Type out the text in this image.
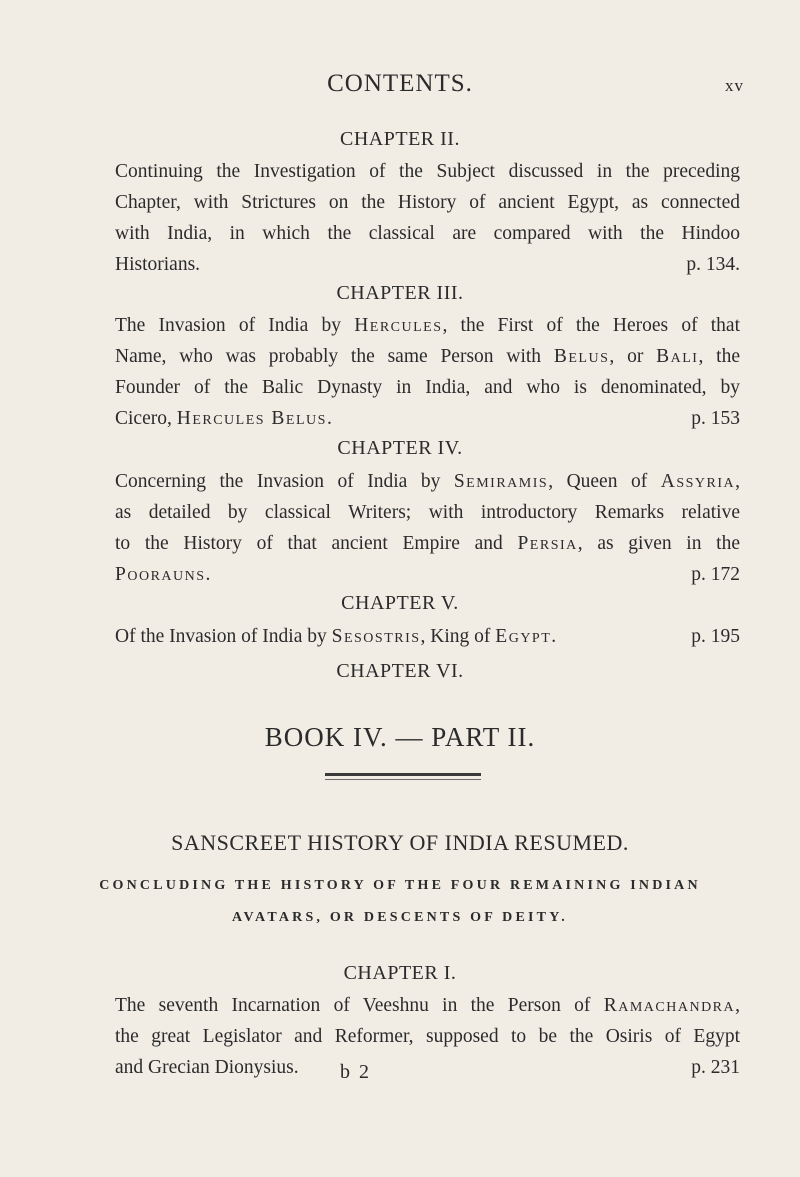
CONTENTS.	xv
CHAPTER II.
Continuing the Investigation of the Subject discussed in the preceding
Chapter, with Strictures on the History of ancient Egypt, as connected
with India, in which the classical are compared with the Hindoo
Historians.	p. 134.
CHAPTER III.
The Invasion of India by Hercules, the First of the Heroes of that
Name, who was probably the same Person with Belus, or Bali, the
Founder of the Balic Dynasty in India, and who is denominated, by
Cicero, Hercules Belus.	p. 153
CHAPTER IV.
Concerning the Invasion of India by Semiramis, Queen of Assyria,
as detailed by classical Writers; with introductory Remarks relative
to the History of that ancient Empire and Persia, as given in the
Poorauns.	p. 172
CHAPTER V.
Of the Invasion of India by Sesostris, King of Egypt.	p. 195
CHAPTER VI.
BOOK IV. — PART II.
SANSCREET HISTORY OF INDIA RESUMED.
CONCLUDING THE HISTORY OF THE FOUR REMAINING INDIAN
AVATARS, OR DESCENTS OF DEITY.
CHAPTER I.
The seventh Incarnation of Veeshnu in the Person of Ramachandra,
the great Legislator and Reformer, supposed to be the Osiris of Egypt
and Grecian Dionysius.	p. 231
b 2
